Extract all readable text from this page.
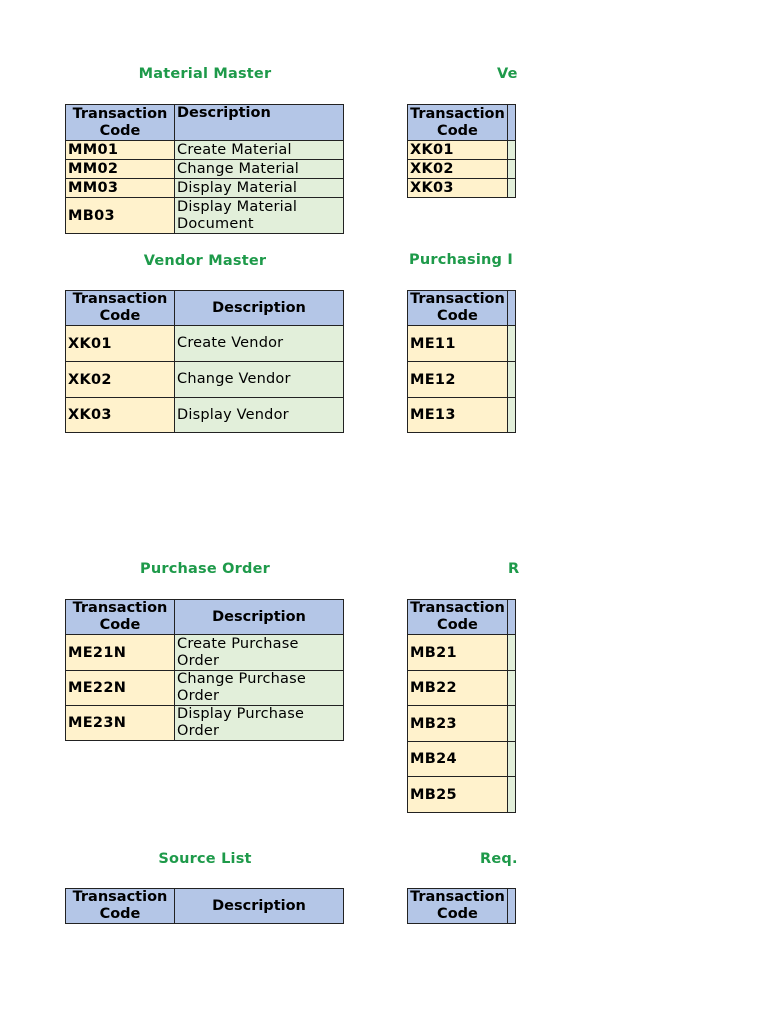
Material Master
Transaction Code	Description
MM01	Create Material
MM02	Change Material
MM03	Display Material
MB03	Display Material Document
Vendor Master
Transaction Code	Description
XK01	Create Vendor
XK02	Change Vendor
XK03	Display Vendor
Purchase Order
Transaction Code	Description
ME21N	Create Purchase Order
ME22N	Change Purchase Order
ME23N	Display Purchase Order
Source List
Transaction Code	Description
Ve
Transaction Code	
XK01	
XK02	
XK03	
Purchasing I
Transaction Code	
ME11	
ME12	
ME13	
R
Transaction Code	
MB21	
MB22	
MB23	
MB24	
MB25	
Req.
Transaction Code	
